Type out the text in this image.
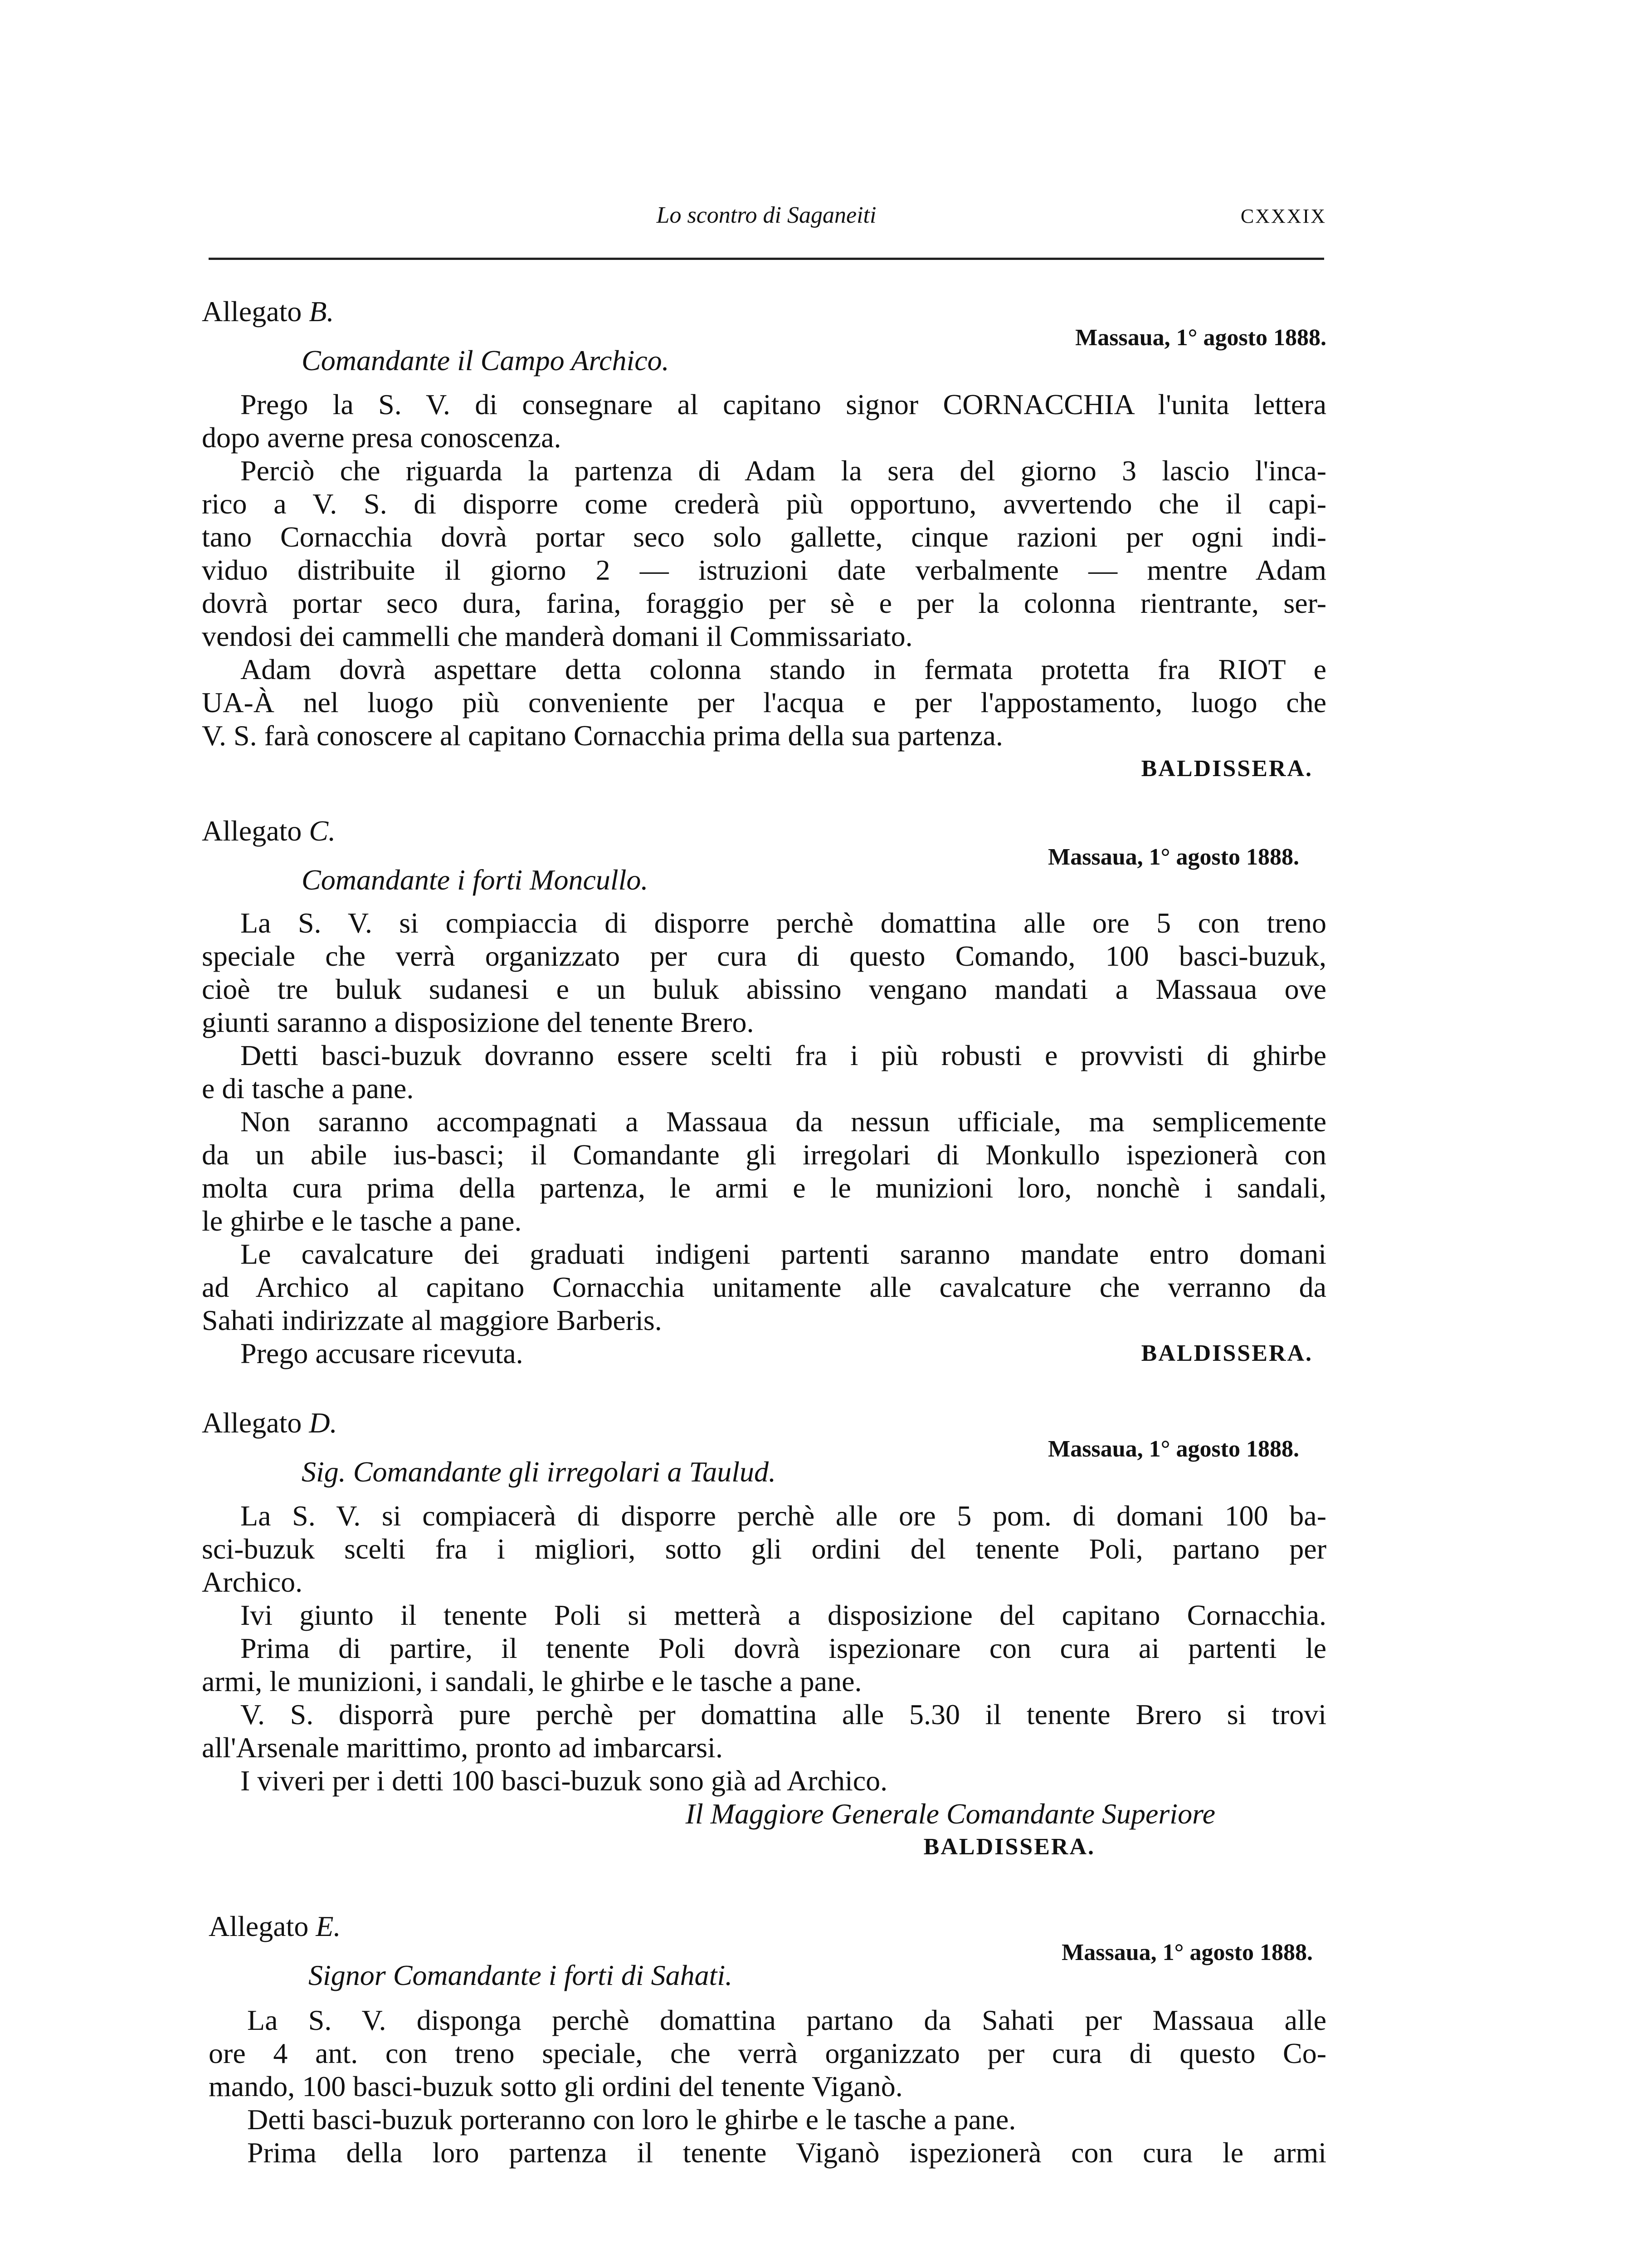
Lo scontro di Saganeiti	CXXXIX
Allegato B.
Massaua, 1° agosto 1888.
Comandante il Campo Archico.
Prego la S. V. di consegnare al capitano signor CORNACCHIA l'unita lettera
dopo averne presa conoscenza.
Perciò che riguarda la partenza di Adam la sera del giorno 3 lascio l'inca-
rico a V. S. di disporre come crederà più opportuno, avvertendo che il capi-
tano Cornacchia dovrà portar seco solo gallette, cinque razioni per ogni indi-
viduo distribuite il giorno 2 — istruzioni date verbalmente — mentre Adam
dovrà portar seco dura, farina, foraggio per sè e per la colonna rientrante, ser-
vendosi dei cammelli che manderà domani il Commissariato.
Adam dovrà aspettare detta colonna stando in fermata protetta fra RIOT e
UA-À nel luogo più conveniente per l'acqua e per l'appostamento, luogo che
V. S. farà conoscere al capitano Cornacchia prima della sua partenza.
BALDISSERA.
Allegato C.
Massaua, 1° agosto 1888.
Comandante i forti Moncullo.
La S. V. si compiaccia di disporre perchè domattina alle ore 5 con treno
speciale che verrà organizzato per cura di questo Comando, 100 basci-buzuk,
cioè tre buluk sudanesi e un buluk abissino vengano mandati a Massaua ove
giunti saranno a disposizione del tenente Brero.
Detti basci-buzuk dovranno essere scelti fra i più robusti e provvisti di ghirbe
e di tasche a pane.
Non saranno accompagnati a Massaua da nessun ufficiale, ma semplicemente
da un abile ius-basci; il Comandante gli irregolari di Monkullo ispezionerà con
molta cura prima della partenza, le armi e le munizioni loro, nonchè i sandali,
le ghirbe e le tasche a pane.
Le cavalcature dei graduati indigeni partenti saranno mandate entro domani
ad Archico al capitano Cornacchia unitamente alle cavalcature che verranno da
Sahati indirizzate al maggiore Barberis.
Prego accusare ricevuta.	BALDISSERA.
Allegato D.
Massaua, 1° agosto 1888.
Sig. Comandante gli irregolari a Taulud.
La S. V. si compiacerà di disporre perchè alle ore 5 pom. di domani 100 ba-
sci-buzuk scelti fra i migliori, sotto gli ordini del tenente Poli, partano per
Archico.
Ivi giunto il tenente Poli si metterà a disposizione del capitano Cornacchia.
Prima di partire, il tenente Poli dovrà ispezionare con cura ai partenti le
armi, le munizioni, i sandali, le ghirbe e le tasche a pane.
V. S. disporrà pure perchè per domattina alle 5.30 il tenente Brero si trovi
all'Arsenale marittimo, pronto ad imbarcarsi.
I viveri per i detti 100 basci-buzuk sono già ad Archico.
Il Maggiore Generale Comandante Superiore
BALDISSERA.
Allegato E.
Massaua, 1° agosto 1888.
Signor Comandante i forti di Sahati.
La S. V. disponga perchè domattina partano da Sahati per Massaua alle
ore 4 ant. con treno speciale, che verrà organizzato per cura di questo Co-
mando, 100 basci-buzuk sotto gli ordini del tenente Viganò.
Detti basci-buzuk porteranno con loro le ghirbe e le tasche a pane.
Prima della loro partenza il tenente Viganò ispezionerà con cura le armi
